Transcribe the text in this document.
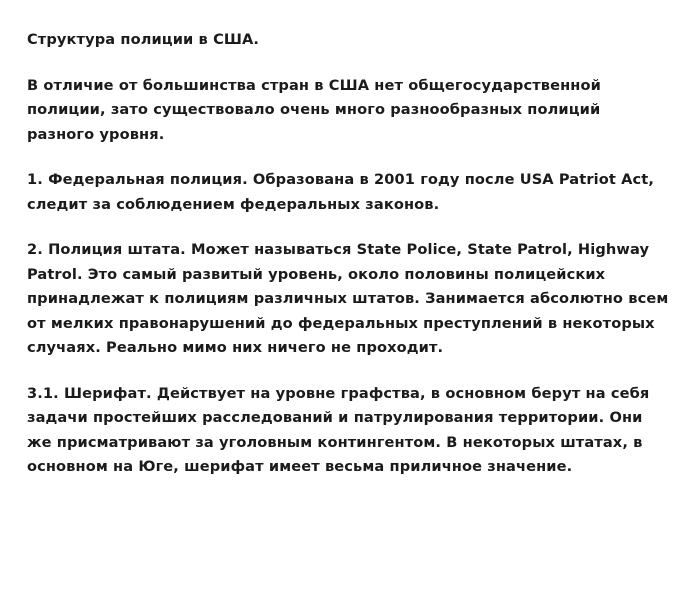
Структура полиции в США.

В отличие от большинства стран в США нет общегосударственной полиции, зато существовало очень много разнообразных полиций разного уровня.

1. Федеральная полиция. Образована в 2001 году после USA Patriot Act, следит за соблюдением федеральных законов.

2. Полиция штата. Может называться State Police, State Patrol, Highway Patrol. Это самый развитый уровень, около половины полицейских принадлежат к полициям различных штатов. Занимается абсолютно всем от мелких правонарушений до федеральных преступлений в некоторых случаях. Реально мимо них ничего не проходит.

3.1. Шерифат. Действует на уровне графства, в основном берут на себя задачи простейших расследований и патрулирования территории. Они же присматривают за уголовным контингентом. В некоторых штатах, в основном на Юге, шерифат имеет весьма приличное значение.
